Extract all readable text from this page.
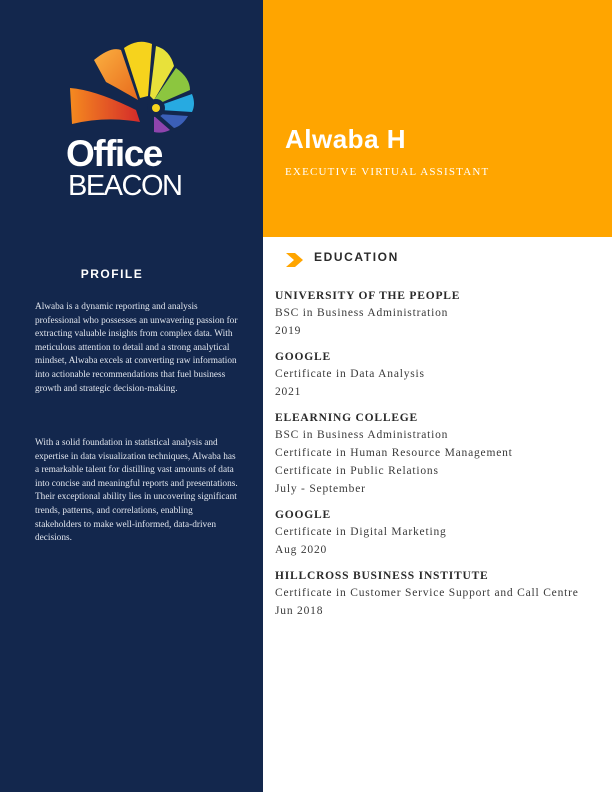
Office
BEACON
PROFILE

Alwaba is a dynamic reporting and analysis professional who possesses an unwavering passion for extracting valuable insights from complex data. With meticulous attention to detail and a strong analytical mindset, Alwaba excels at converting raw information into actionable recommendations that fuel business growth and strategic decision-making.

With a solid foundation in statistical analysis and expertise in data visualization techniques, Alwaba has a remarkable talent for distilling vast amounts of data into concise and meaningful reports and presentations. Their exceptional ability lies in uncovering significant trends, patterns, and correlations, enabling stakeholders to make well-informed, data-driven decisions.

Alwaba H
EXECUTIVE VIRTUAL ASSISTANT
EDUCATION
UNIVERSITY OF THE PEOPLE
BSC in Business Administration
2019
GOOGLE
Certificate in Data Analysis
2021
ELEARNING COLLEGE
BSC in Business Administration
Certificate in Human Resource Management
Certificate in Public Relations
July - September
GOOGLE
Certificate in Digital Marketing
Aug 2020
HILLCROSS BUSINESS INSTITUTE
Certificate in Customer Service Support and Call Centre
Jun 2018
